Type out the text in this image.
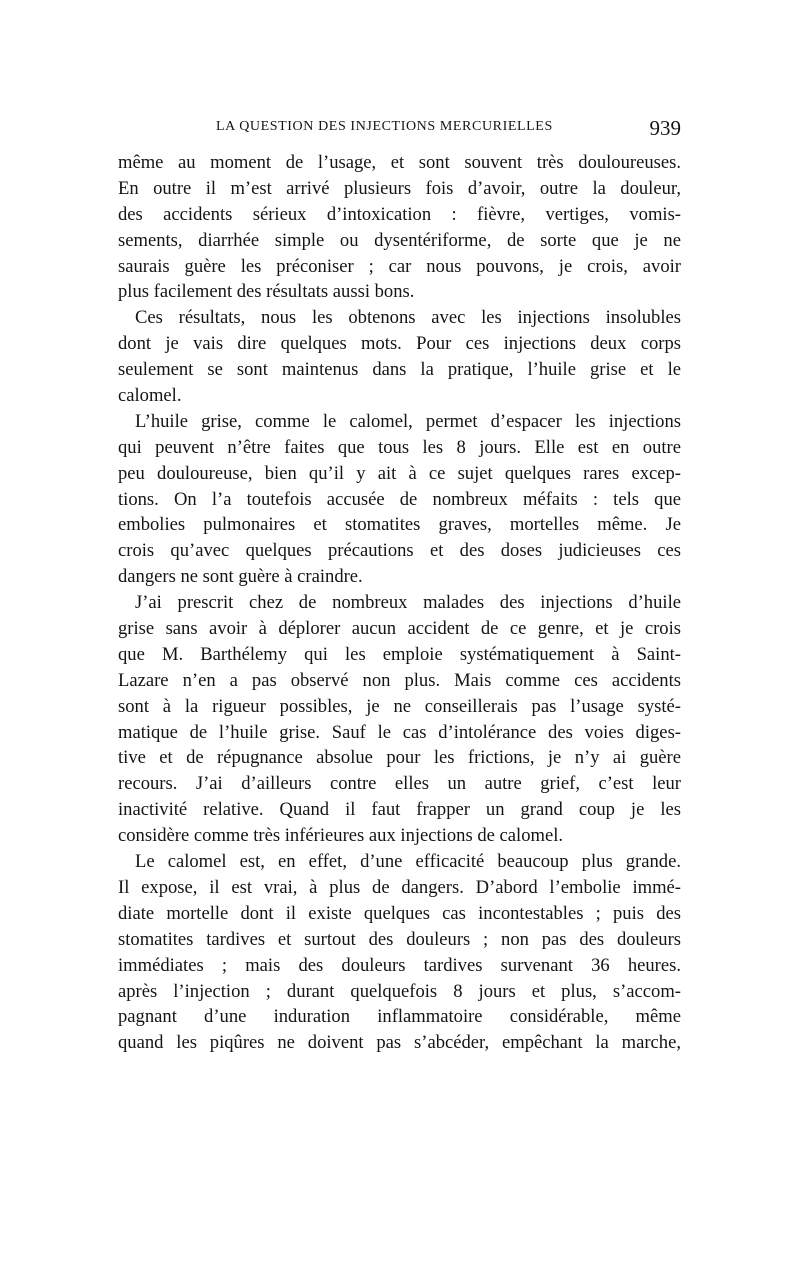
LA QUESTION DES INJECTIONS MERCURIELLES	939
même au moment de l’usage, et sont souvent très douloureuses.
En outre il m’est arrivé plusieurs fois d’avoir, outre la douleur,
des accidents sérieux d’intoxication : fièvre, vertiges, vomis-
sements, diarrhée simple ou dysentériforme, de sorte que je ne
saurais guère les préconiser ; car nous pouvons, je crois, avoir
plus facilement des résultats aussi bons.
Ces résultats, nous les obtenons avec les injections insolubles
dont je vais dire quelques mots. Pour ces injections deux corps
seulement se sont maintenus dans la pratique, l’huile grise et le
calomel.
L’huile grise, comme le calomel, permet d’espacer les injections
qui peuvent n’être faites que tous les 8 jours. Elle est en outre
peu douloureuse, bien qu’il y ait à ce sujet quelques rares excep-
tions. On l’a toutefois accusée de nombreux méfaits : tels que
embolies pulmonaires et stomatites graves, mortelles même. Je
crois qu’avec quelques précautions et des doses judicieuses ces
dangers ne sont guère à craindre.
J’ai prescrit chez de nombreux malades des injections d’huile
grise sans avoir à déplorer aucun accident de ce genre, et je crois
que M. Barthélemy qui les emploie systématiquement à Saint-
Lazare n’en a pas observé non plus. Mais comme ces accidents
sont à la rigueur possibles, je ne conseillerais pas l’usage systé-
matique de l’huile grise. Sauf le cas d’intolérance des voies diges-
tive et de répugnance absolue pour les frictions, je n’y ai guère
recours. J’ai d’ailleurs contre elles un autre grief, c’est leur
inactivité relative. Quand il faut frapper un grand coup je les
considère comme très inférieures aux injections de calomel.
Le calomel est, en effet, d’une efficacité beaucoup plus grande.
Il expose, il est vrai, à plus de dangers. D’abord l’embolie immé-
diate mortelle dont il existe quelques cas incontestables ; puis des
stomatites tardives et surtout des douleurs ; non pas des douleurs
immédiates ; mais des douleurs tardives survenant 36 heures.
après l’injection ; durant quelquefois 8 jours et plus, s’accom-
pagnant d’une induration inflammatoire considérable, même
quand les piqûres ne doivent pas s’abcéder, empêchant la marche,
